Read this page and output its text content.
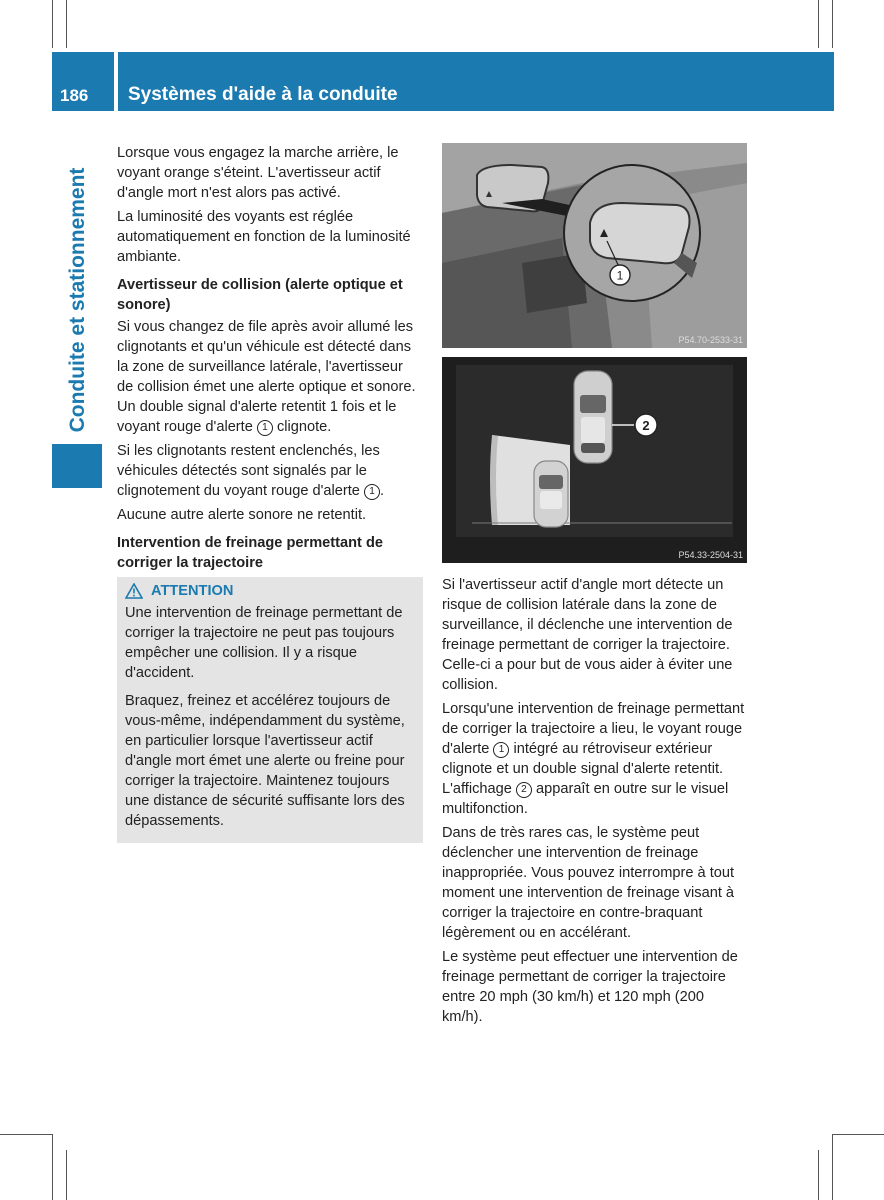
186 Systèmes d'aide à la conduite
Conduite et stationnement

Lorsque vous engagez la marche arrière, le voyant orange s'éteint. L'avertisseur actif d'angle mort n'est alors pas activé.

La luminosité des voyants est réglée automatiquement en fonction de la luminosité ambiante.

Avertisseur de collision (alerte optique et sonore)

Si vous changez de file après avoir allumé les clignotants et qu'un véhicule est détecté dans la zone de surveillance latérale, l'avertisseur de collision émet une alerte optique et sonore. Un double signal d'alerte retentit 1 fois et le voyant rouge d'alerte 1 clignote.

Si les clignotants restent enclenchés, les véhicules détectés sont signalés par le clignotement du voyant rouge d'alerte 1 .

Aucune autre alerte sonore ne retentit.

Intervention de freinage permettant de corriger la trajectoire
ATTENTION

Une intervention de freinage permettant de corriger la trajectoire ne peut pas toujours empêcher une collision. Il y a risque d'accident.

Braquez, freinez et accélérez toujours de vous-même, indépendamment du système, en particulier lorsque l'avertisseur actif d'angle mort émet une alerte ou freine pour corriger la trajectoire. Maintenez toujours une distance de sécurité suffisante lors des dépassements.

1
P54.70-2533-31
2
P54.33-2504-31

Si l'avertisseur actif d'angle mort détecte un risque de collision latérale dans la zone de surveillance, il déclenche une intervention de freinage permettant de corriger la trajectoire. Celle-ci a pour but de vous aider à éviter une collision.

Lorsqu'une intervention de freinage permettant de corriger la trajectoire a lieu, le voyant rouge d'alerte 1 intégré au rétroviseur extérieur clignote et un double signal d'alerte retentit. L'affichage 2 apparaît en outre sur le visuel multifonction.

Dans de très rares cas, le système peut déclencher une intervention de freinage inappropriée. Vous pouvez interrompre à tout moment une intervention de freinage visant à corriger la trajectoire en contre-braquant légèrement ou en accélérant.

Le système peut effectuer une intervention de freinage permettant de corriger la trajectoire entre 20 mph (30 km/h) et 120 mph (200 km/h).
